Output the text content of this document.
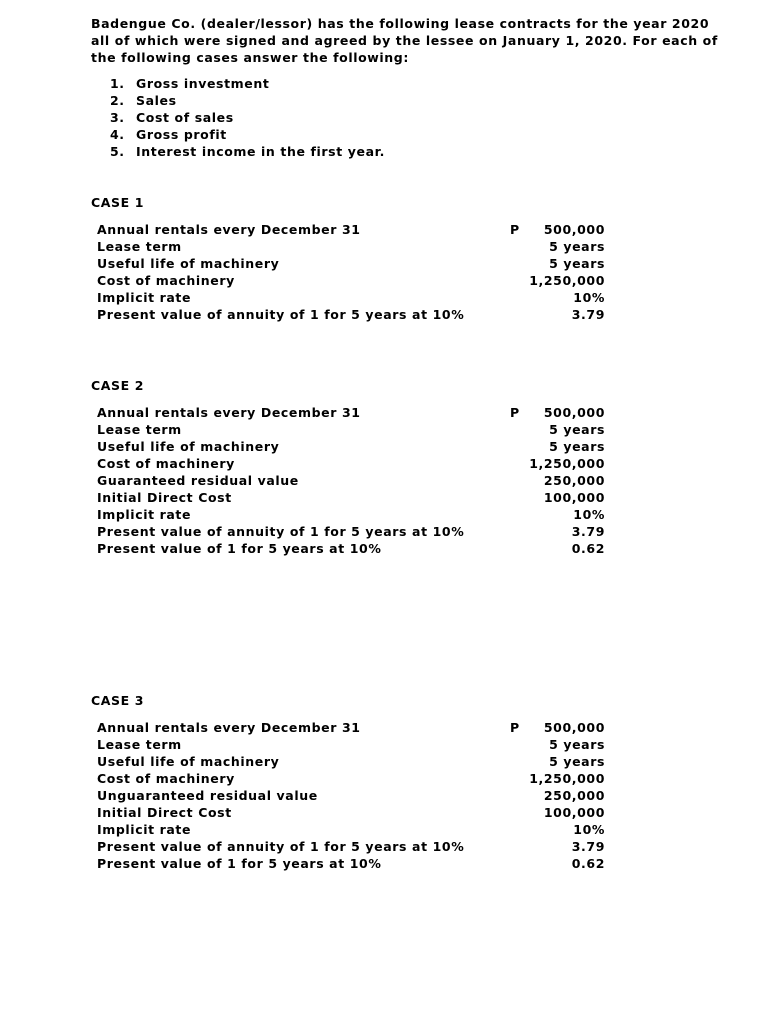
Badengue Co. (dealer/lessor) has the following lease contracts for the year 2020 all of which were signed and agreed by the lessee on January 1, 2020. For each of the following cases answer the following:

1. Gross investment
2. Sales
3. Cost of sales
4. Gross profit
5. Interest income in the first year.
CASE 1
Annual rentals every December 31	P 500,000
Lease term	5 years
Useful life of machinery	5 years
Cost of machinery	1,250,000
Implicit rate	10%
Present value of annuity of 1 for 5 years at 10%	3.79
CASE 2
Annual rentals every December 31	P 500,000
Lease term	5 years
Useful life of machinery	5 years
Cost of machinery	1,250,000
Guaranteed residual value	250,000
Initial Direct Cost	100,000
Implicit rate	10%
Present value of annuity of 1 for 5 years at 10%	3.79
Present value of 1 for 5 years at 10%	0.62
CASE 3
Annual rentals every December 31	P 500,000
Lease term	5 years
Useful life of machinery	5 years
Cost of machinery	1,250,000
Unguaranteed residual value	250,000
Initial Direct Cost	100,000
Implicit rate	10%
Present value of annuity of 1 for 5 years at 10%	3.79
Present value of 1 for 5 years at 10%	0.62
